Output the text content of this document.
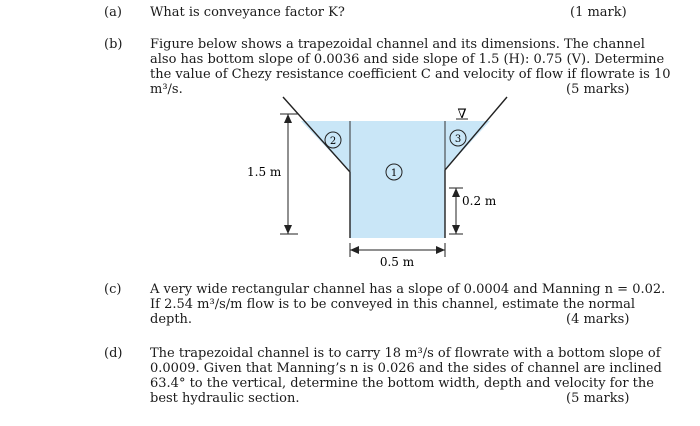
(a) What is conveyance factor K?	(1 mark)
(b) Figure below shows a trapezoidal channel and its dimensions. The channel
also has bottom slope of 0.0036 and side slope of 1.5 (H): 0.75 (V). Determine
the value of Chezy resistance coefficient C and velocity of flow if flowrate is 10
m³/s.	(5 marks)
∇
2
1
3
1.5 m
0.2 m
0.5 m
(c) A very wide rectangular channel has a slope of 0.0004 and Manning n = 0.02.
If 2.54 m³/s/m flow is to be conveyed in this channel, estimate the normal
depth.	(4 marks)
(d) The trapezoidal channel is to carry 18 m³/s of flowrate with a bottom slope of
0.0009. Given that Manning’s n is 0.026 and the sides of channel are inclined
63.4° to the vertical, determine the bottom width, depth and velocity for the
best hydraulic section.	(5 marks)
